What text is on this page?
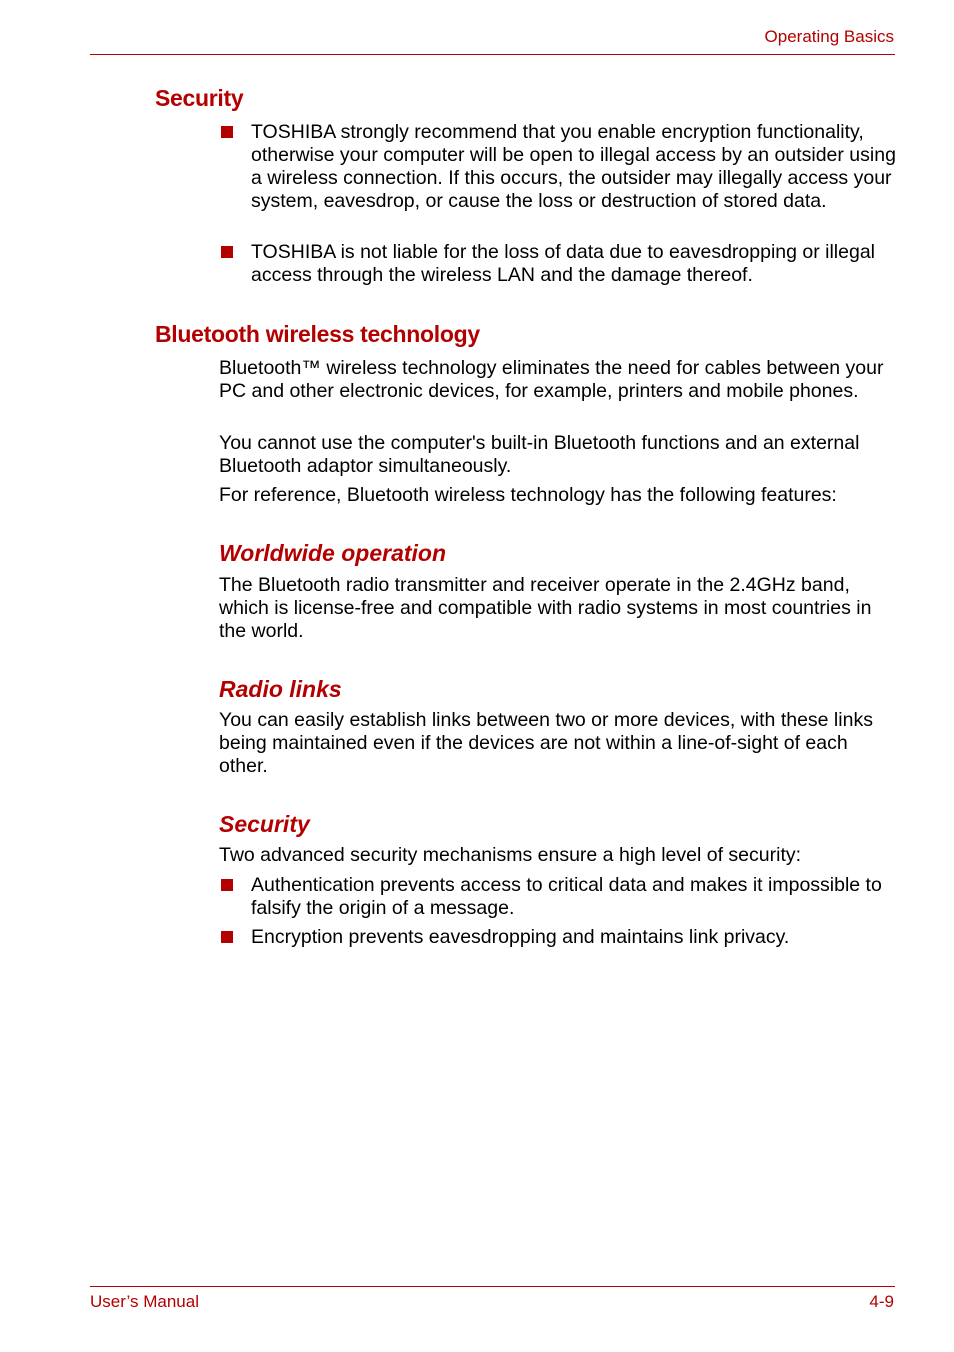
Operating Basics
Security
TOSHIBA strongly recommend that you enable encryption functionality, otherwise your computer will be open to illegal access by an outsider using a wireless connection. If this occurs, the outsider may illegally access your system, eavesdrop, or cause the loss or destruction of stored data.
TOSHIBA is not liable for the loss of data due to eavesdropping or illegal access through the wireless LAN and the damage thereof.
Bluetooth wireless technology

Bluetooth™ wireless technology eliminates the need for cables between your PC and other electronic devices, for example, printers and mobile phones.

You cannot use the computer's built-in Bluetooth functions and an external Bluetooth adaptor simultaneously.

For reference, Bluetooth wireless technology has the following features:

Worldwide operation

The Bluetooth radio transmitter and receiver operate in the 2.4GHz band, which is license-free and compatible with radio systems in most countries in the world.

Radio links

You can easily establish links between two or more devices, with these links being maintained even if the devices are not within a line-of-sight of each other.

Security

Two advanced security mechanisms ensure a high level of security:

Authentication prevents access to critical data and makes it impossible to falsify the origin of a message.
Encryption prevents eavesdropping and maintains link privacy.
User’s Manual	4-9
